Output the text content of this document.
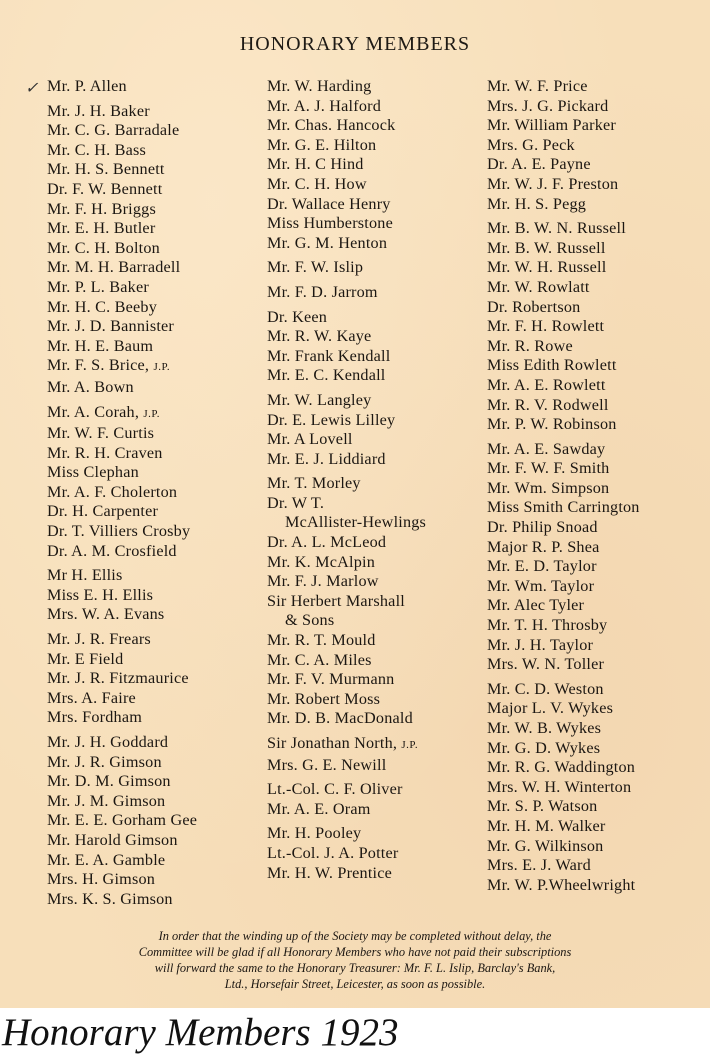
HONORARY MEMBERS
✓ Mr. P. Allen
Mr. J. H. Baker
Mr. C. G. Barradale
Mr. C. H. Bass
Mr. H. S. Bennett
Dr. F. W. Bennett
Mr. F. H. Briggs
Mr. E. H. Butler
Mr. C. H. Bolton
Mr. M. H. Barradell
Mr. P. L. Baker
Mr. H. C. Beeby
Mr. J. D. Bannister
Mr. H. E. Baum
Mr. F. S. Brice, J.P.
Mr. A. Bown
Mr. A. Corah, J.P.
Mr. W. F. Curtis
Mr. R. H. Craven
Miss Clephan
Mr. A. F. Cholerton
Dr. H. Carpenter
Dr. T. Villiers Crosby
Dr. A. M. Crosfield
Mr H. Ellis
Miss E. H. Ellis
Mrs. W. A. Evans
Mr. J. R. Frears
Mr. E Field
Mr. J. R. Fitzmaurice
Mrs. A. Faire
Mrs. Fordham
Mr. J. H. Goddard
Mr. J. R. Gimson
Mr. D. M. Gimson
Mr. J. M. Gimson
Mr. E. E. Gorham Gee
Mr. Harold Gimson
Mr. E. A. Gamble
Mrs. H. Gimson
Mrs. K. S. Gimson
Mr. W. Harding
Mr. A. J. Halford
Mr. Chas. Hancock
Mr. G. E. Hilton
Mr. H. C Hind
Mr. C. H. How
Dr. Wallace Henry
Miss Humberstone
Mr. G. M. Henton
Mr. F. W. Islip
Mr. F. D. Jarrom
Dr. Keen
Mr. R. W. Kaye
Mr. Frank Kendall
Mr. E. C. Kendall
Mr. W. Langley
Dr. E. Lewis Lilley
Mr. A Lovell
Mr. E. J. Liddiard
Mr. T. Morley
Dr. W T.
McAllister-Hewlings
Dr. A. L. McLeod
Mr. K. McAlpin
Mr. F. J. Marlow
Sir Herbert Marshall
& Sons
Mr. R. T. Mould
Mr. C. A. Miles
Mr. F. V. Murmann
Mr. Robert Moss
Mr. D. B. MacDonald
Sir Jonathan North, J.P.
Mrs. G. E. Newill
Lt.-Col. C. F. Oliver
Mr. A. E. Oram
Mr. H. Pooley
Lt.-Col. J. A. Potter
Mr. H. W. Prentice
Mr. W. F. Price
Mrs. J. G. Pickard
Mr. William Parker
Mrs. G. Peck
Dr. A. E. Payne
Mr. W. J. F. Preston
Mr. H. S. Pegg
Mr. B. W. N. Russell
Mr. B. W. Russell
Mr. W. H. Russell
Mr. W. Rowlatt
Dr. Robertson
Mr. F. H. Rowlett
Mr. R. Rowe
Miss Edith Rowlett
Mr. A. E. Rowlett
Mr. R. V. Rodwell
Mr. P. W. Robinson
Mr. A. E. Sawday
Mr. F. W. F. Smith
Mr. Wm. Simpson
Miss Smith Carrington
Dr. Philip Snoad
Major R. P. Shea
Mr. E. D. Taylor
Mr. Wm. Taylor
Mr. Alec Tyler
Mr. T. H. Throsby
Mr. J. H. Taylor
Mrs. W. N. Toller
Mr. C. D. Weston
Major L. V. Wykes
Mr. W. B. Wykes
Mr. G. D. Wykes
Mr. R. G. Waddington
Mrs. W. H. Winterton
Mr. S. P. Watson
Mr. H. M. Walker
Mr. G. Wilkinson
Mrs. E. J. Ward
Mr. W. P.Wheelwright
In order that the winding up of the Society may be completed without delay, the
Committee will be glad if all Honorary Members who have not paid their subscriptions
will forward the same to the Honorary Treasurer: Mr. F. L. Islip, Barclay's Bank,
Ltd., Horsefair Street, Leicester, as soon as possible.
Honorary Members 1923
